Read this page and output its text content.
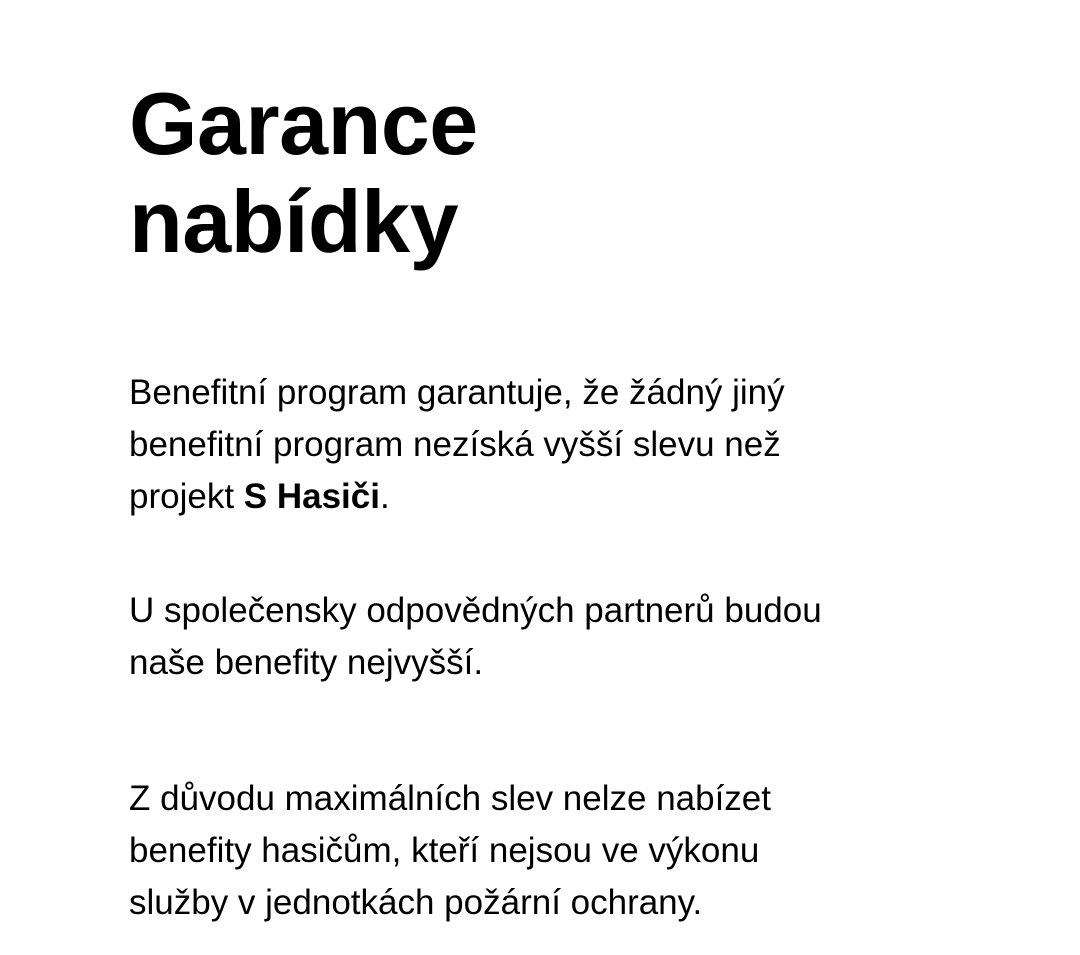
Garance
nabídky

Benefitní program garantuje, že žádný jiný
benefitní program nezíská vyšší slevu než
projekt S Hasiči.

U společensky odpovědných partnerů budou
naše benefity nejvyšší.

Z důvodu maximálních slev nelze nabízet
benefity hasičům, kteří nejsou ve výkonu
služby v jednotkách požární ochrany.
